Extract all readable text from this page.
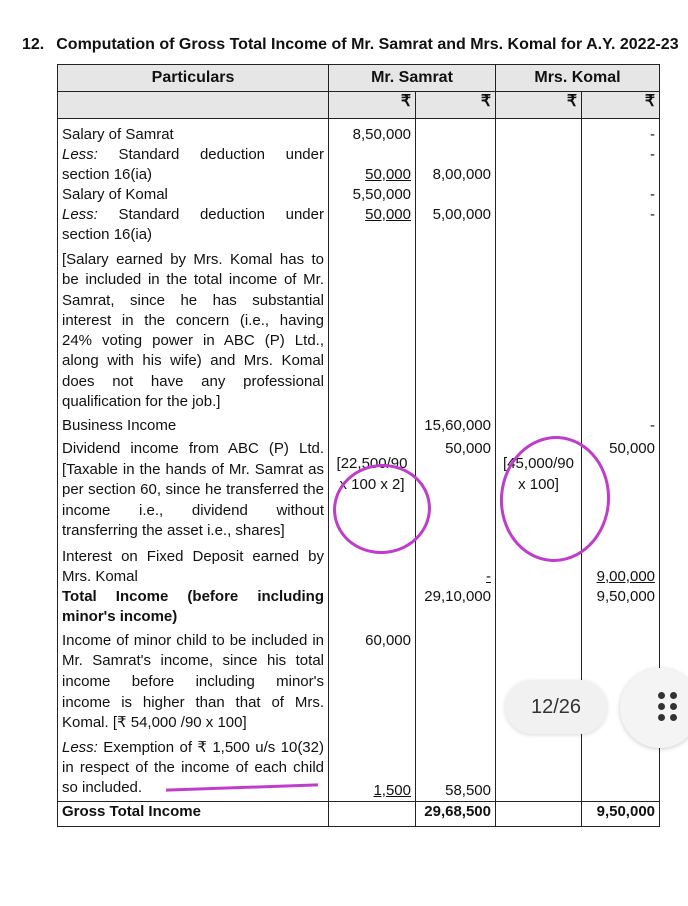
12. Computation of Gross Total Income of Mr. Samrat and Mrs. Komal for A.Y. 2022-23
Particulars	Mr. Samrat		Mrs. Komal	
	₹	₹	₹	₹
Salary of Samrat	8,50,000			-
Less: Standard deduction under section 16(ia)	50,000	8,00,000		-
Salary of Komal	5,50,000			-
Less: Standard deduction under section 16(ia)	50,000	5,00,000		-
[Salary earned by Mrs. Komal has to be included in the total income of Mr. Samrat, since he has substantial interest in the concern (i.e., having 24% voting power in ABC (P) Ltd., along with his wife) and Mrs. Komal does not have any professional qualification for the job.]				
Business Income		15,60,000		-
Dividend income from ABC (P) Ltd. [Taxable in the hands of Mr. Samrat as per section 60, since he transferred the income i.e., dividend without transferring the asset i.e., shares]	[22,500/90 x 100 x 2]	50,000	[45,000/90 x 100]	50,000
Interest on Fixed Deposit earned by Mrs. Komal		-		9,00,000
Total Income (before including minor's income)		29,10,000		9,50,000
Income of minor child to be included in Mr. Samrat's income, since his total income before including minor's income is higher than that of Mrs. Komal. [₹ 54,000 /90 x 100]	60,000			
Less: Exemption of ₹ 1,500 u/s 10(32) in respect of the income of each child so included.	1,500	58,500		
Gross Total Income		29,68,500		9,50,000
12/26
